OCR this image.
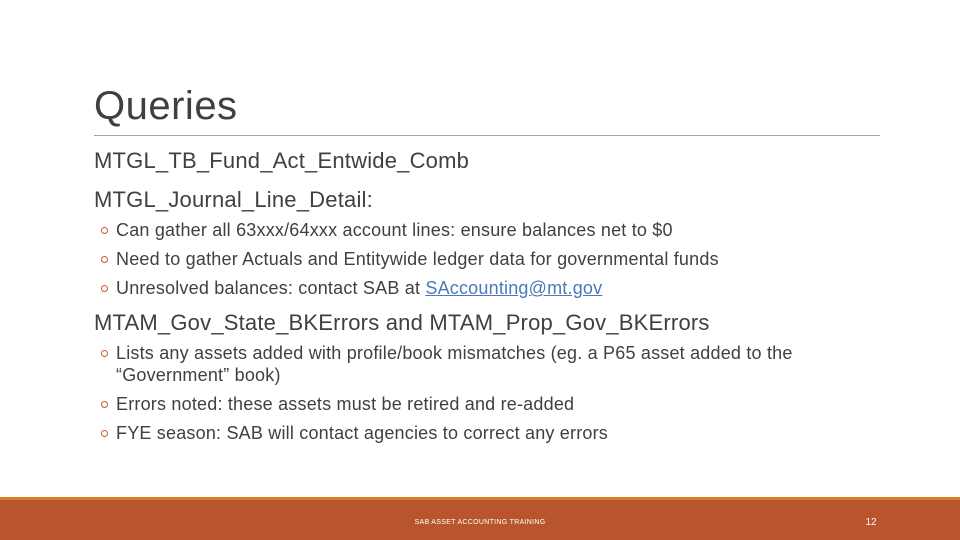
Queries
MTGL_TB_Fund_Act_Entwide_Comb
MTGL_Journal_Line_Detail:
Can gather all 63xxx/64xxx account lines: ensure balances net to $0
Need to gather Actuals and Entitywide ledger data for governmental funds
Unresolved balances: contact SAB at SAccounting@mt.gov
MTAM_Gov_State_BKErrors and MTAM_Prop_Gov_BKErrors
Lists any assets added with profile/book mismatches (eg. a P65 asset added to the “Government” book)
Errors noted: these assets must be retired and re-added
FYE season: SAB will contact agencies to correct any errors
SAB ASSET ACCOUNTING TRAINING	12
